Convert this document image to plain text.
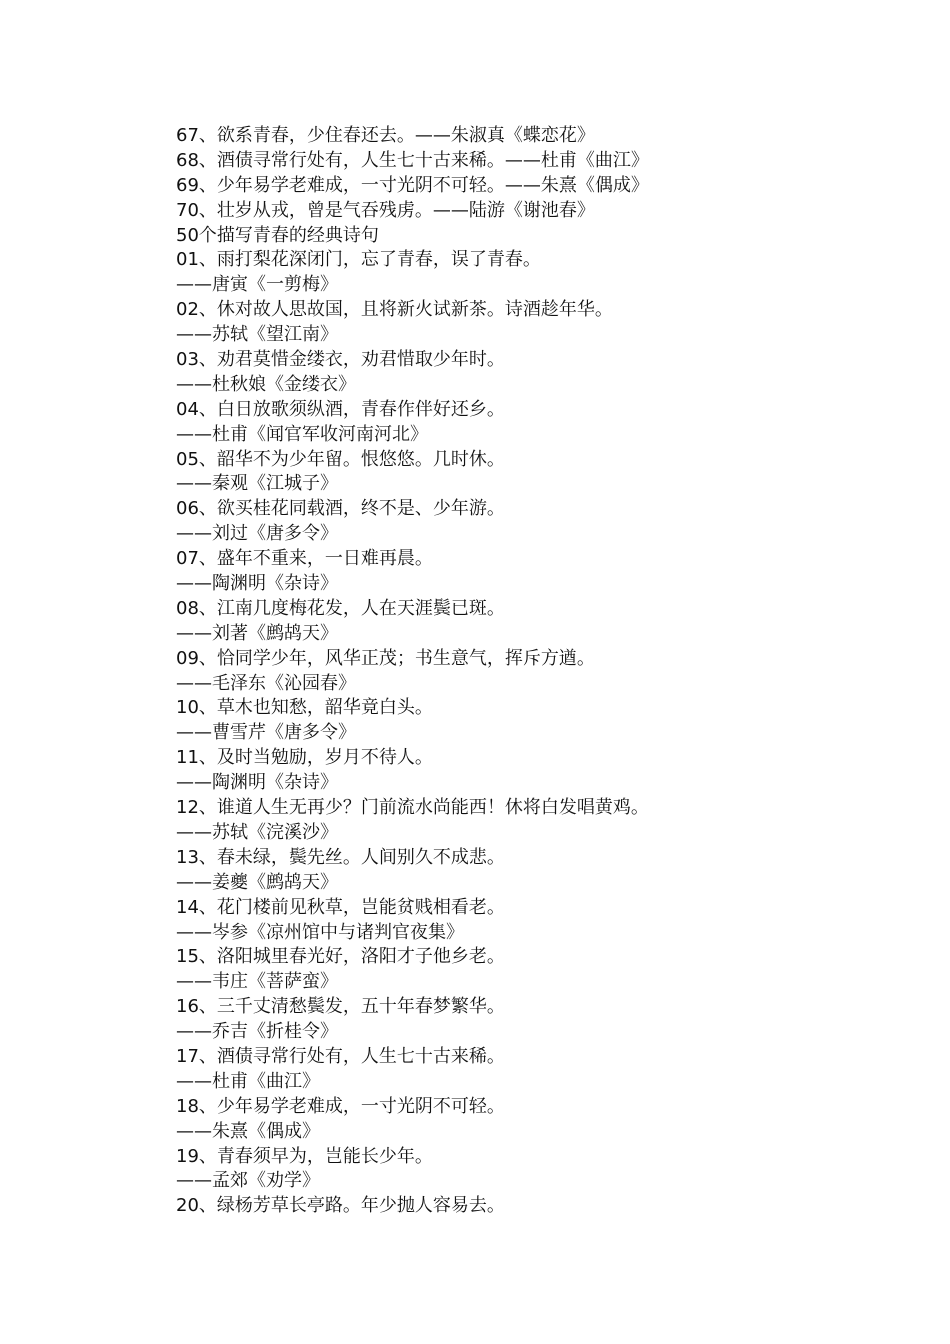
67、欲系青春，少住春还去。——朱淑真《蝶恋花》
68、酒债寻常行处有，人生七十古来稀。——杜甫《曲江》
69、少年易学老难成，一寸光阴不可轻。——朱熹《偶成》
70、壮岁从戎，曾是气吞残虏。——陆游《谢池春》
50个描写青春的经典诗句
01、雨打梨花深闭门，忘了青春，误了青春。
——唐寅《一剪梅》
02、休对故人思故国，且将新火试新茶。诗酒趁年华。
——苏轼《望江南》
03、劝君莫惜金缕衣，劝君惜取少年时。
——杜秋娘《金缕衣》
04、白日放歌须纵酒，青春作伴好还乡。
——杜甫《闻官军收河南河北》
05、韶华不为少年留。恨悠悠。几时休。
——秦观《江城子》
06、欲买桂花同载酒，终不是、少年游。
——刘过《唐多令》
07、盛年不重来，一日难再晨。
——陶渊明《杂诗》
08、江南几度梅花发，人在天涯鬓已斑。
——刘著《鹧鸪天》
09、恰同学少年，风华正茂；书生意气，挥斥方遒。
——毛泽东《沁园春》
10、草木也知愁，韶华竟白头。
——曹雪芹《唐多令》
11、及时当勉励，岁月不待人。
——陶渊明《杂诗》
12、谁道人生无再少？门前流水尚能西！休将白发唱黄鸡。
——苏轼《浣溪沙》
13、春未绿，鬓先丝。人间别久不成悲。
——姜夔《鹧鸪天》
14、花门楼前见秋草，岂能贫贱相看老。
——岑参《凉州馆中与诸判官夜集》
15、洛阳城里春光好，洛阳才子他乡老。
——韦庄《菩萨蛮》
16、三千丈清愁鬓发，五十年春梦繁华。
——乔吉《折桂令》
17、酒债寻常行处有，人生七十古来稀。
——杜甫《曲江》
18、少年易学老难成，一寸光阴不可轻。
——朱熹《偶成》
19、青春须早为，岂能长少年。
——孟郊《劝学》
20、绿杨芳草长亭路。年少抛人容易去。
